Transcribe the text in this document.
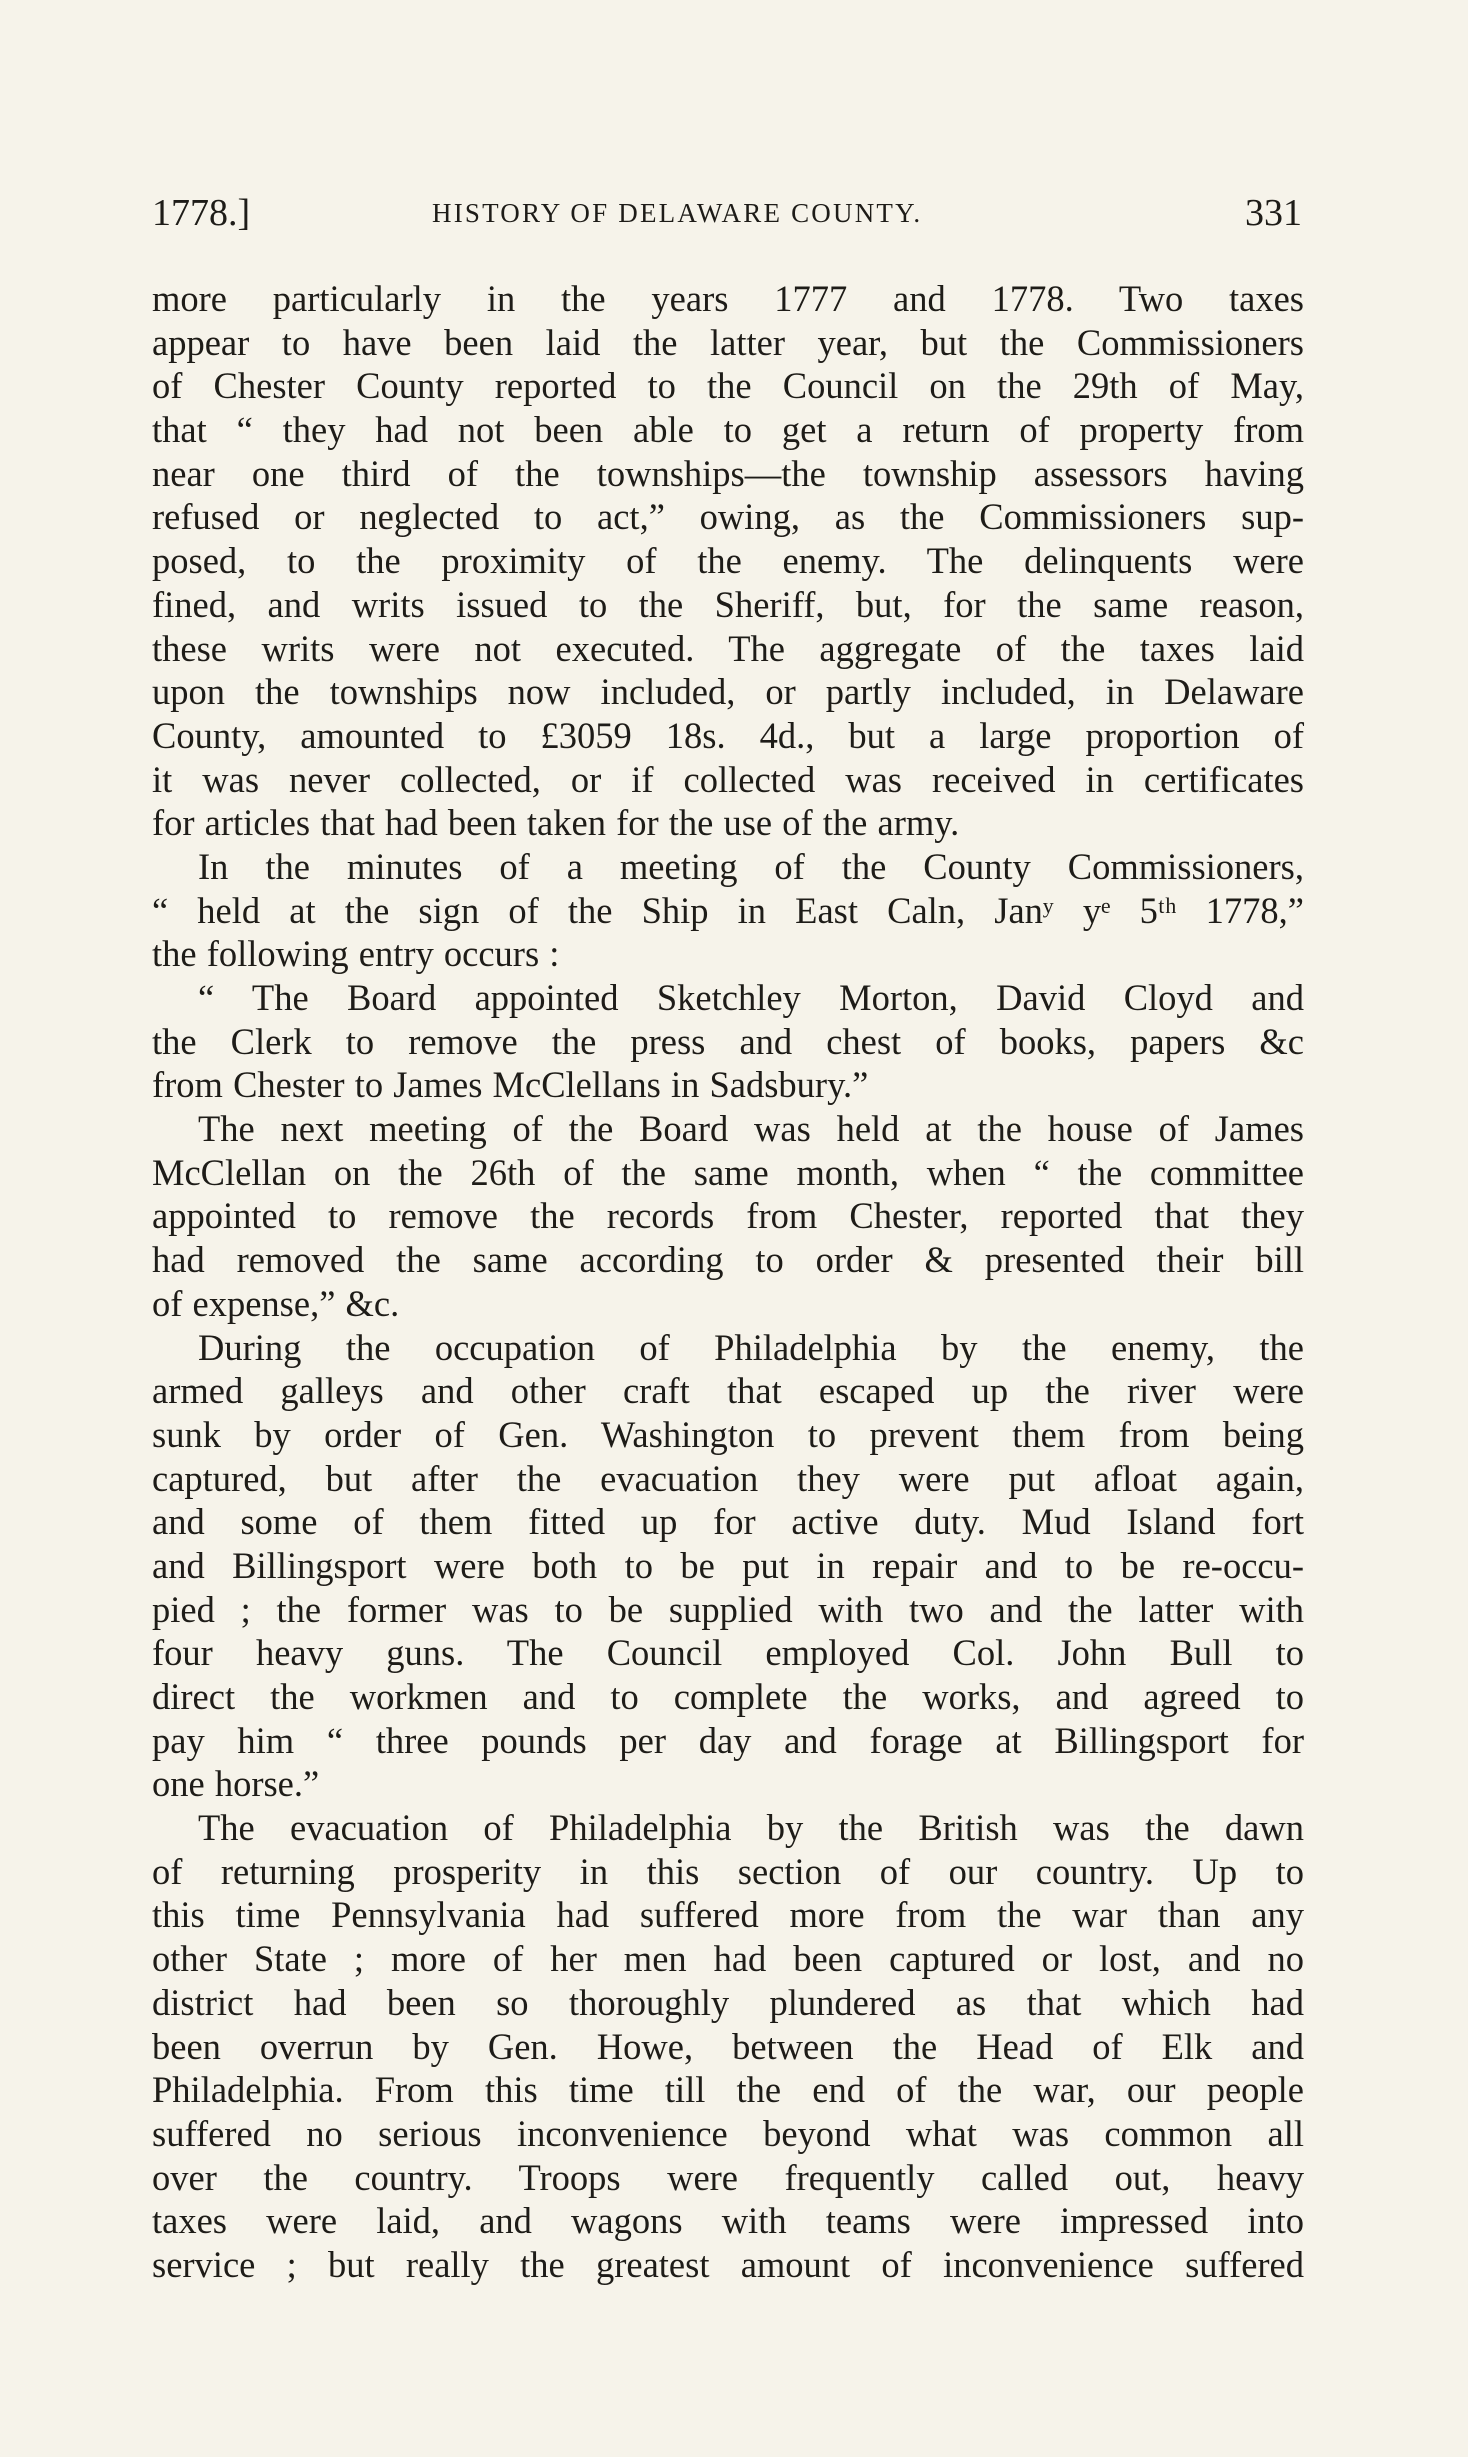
1778.]	HISTORY OF DELAWARE COUNTY.	331
more particularly in the years 1777 and 1778. Two taxes
appear to have been laid the latter year, but the Commissioners
of Chester County reported to the Council on the 29th of May,
that “ they had not been able to get a return of property from
near one third of the townships—the township assessors having
refused or neglected to act,” owing, as the Commissioners sup-
posed, to the proximity of the enemy. The delinquents were
fined, and writs issued to the Sheriff, but, for the same reason,
these writs were not executed. The aggregate of the taxes laid
upon the townships now included, or partly included, in Delaware
County, amounted to £3059 18s. 4d., but a large proportion of
it was never collected, or if collected was received in certificates
for articles that had been taken for the use of the army.
In the minutes of a meeting of the County Commissioners,
“ held at the sign of the Ship in East Caln, Janʸ yᵉ 5ᵗʰ 1778,”
the following entry occurs :
“ The Board appointed Sketchley Morton, David Cloyd and
the Clerk to remove the press and chest of books, papers &c
from Chester to James McClellans in Sadsbury.”
The next meeting of the Board was held at the house of James
McClellan on the 26th of the same month, when “ the committee
appointed to remove the records from Chester, reported that they
had removed the same according to order & presented their bill
of expense,” &c.
During the occupation of Philadelphia by the enemy, the
armed galleys and other craft that escaped up the river were
sunk by order of Gen. Washington to prevent them from being
captured, but after the evacuation they were put afloat again,
and some of them fitted up for active duty. Mud Island fort
and Billingsport were both to be put in repair and to be re-occu-
pied ; the former was to be supplied with two and the latter with
four heavy guns. The Council employed Col. John Bull to
direct the workmen and to complete the works, and agreed to
pay him “ three pounds per day and forage at Billingsport for
one horse.”
The evacuation of Philadelphia by the British was the dawn
of returning prosperity in this section of our country. Up to
this time Pennsylvania had suffered more from the war than any
other State ; more of her men had been captured or lost, and no
district had been so thoroughly plundered as that which had
been overrun by Gen. Howe, between the Head of Elk and
Philadelphia. From this time till the end of the war, our people
suffered no serious inconvenience beyond what was common all
over the country. Troops were frequently called out, heavy
taxes were laid, and wagons with teams were impressed into
service ; but really the greatest amount of inconvenience suffered
